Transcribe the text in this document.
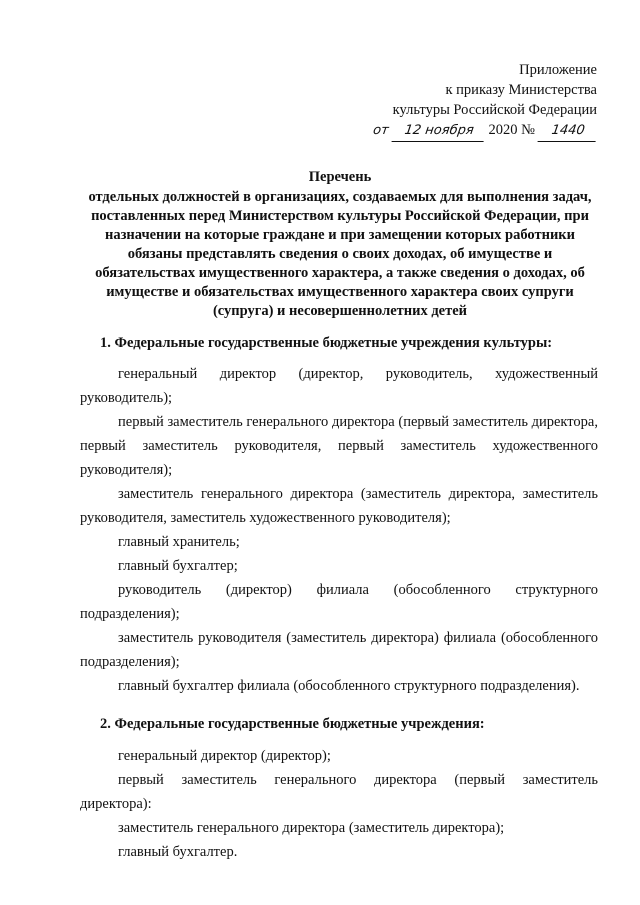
Приложение
к приказу Министерства
культуры Российской Федерации
от	12 ноября 2020 №	1440
Перечень
отдельных должностей в организациях, создаваемых для выполнения задач, поставленных перед Министерством культуры Российской Федерации, при назначении на которые граждане и при замещении которых работники обязаны представлять сведения о своих доходах, об имуществе и обязательствах имущественного характера, а также сведения о доходах, об имуществе и обязательствах имущественного характера своих супруги (супруга) и несовершеннолетних детей
1. Федеральные государственные бюджетные учреждения культуры:
генеральный директор (директор, руководитель, художественный руководитель);
первый заместитель генерального директора (первый заместитель директора, первый заместитель руководителя, первый заместитель художественного руководителя);
заместитель генерального директора (заместитель директора, заместитель руководителя, заместитель художественного руководителя);
главный хранитель;
главный бухгалтер;
руководитель (директор) филиала (обособленного структурного подразделения);
заместитель руководителя (заместитель директора) филиала (обособленного подразделения);
главный бухгалтер филиала (обособленного структурного подразделения).
2. Федеральные государственные бюджетные учреждения:
генеральный директор (директор);
первый заместитель генерального директора (первый заместитель директора):
заместитель генерального директора (заместитель директора);
главный бухгалтер.
